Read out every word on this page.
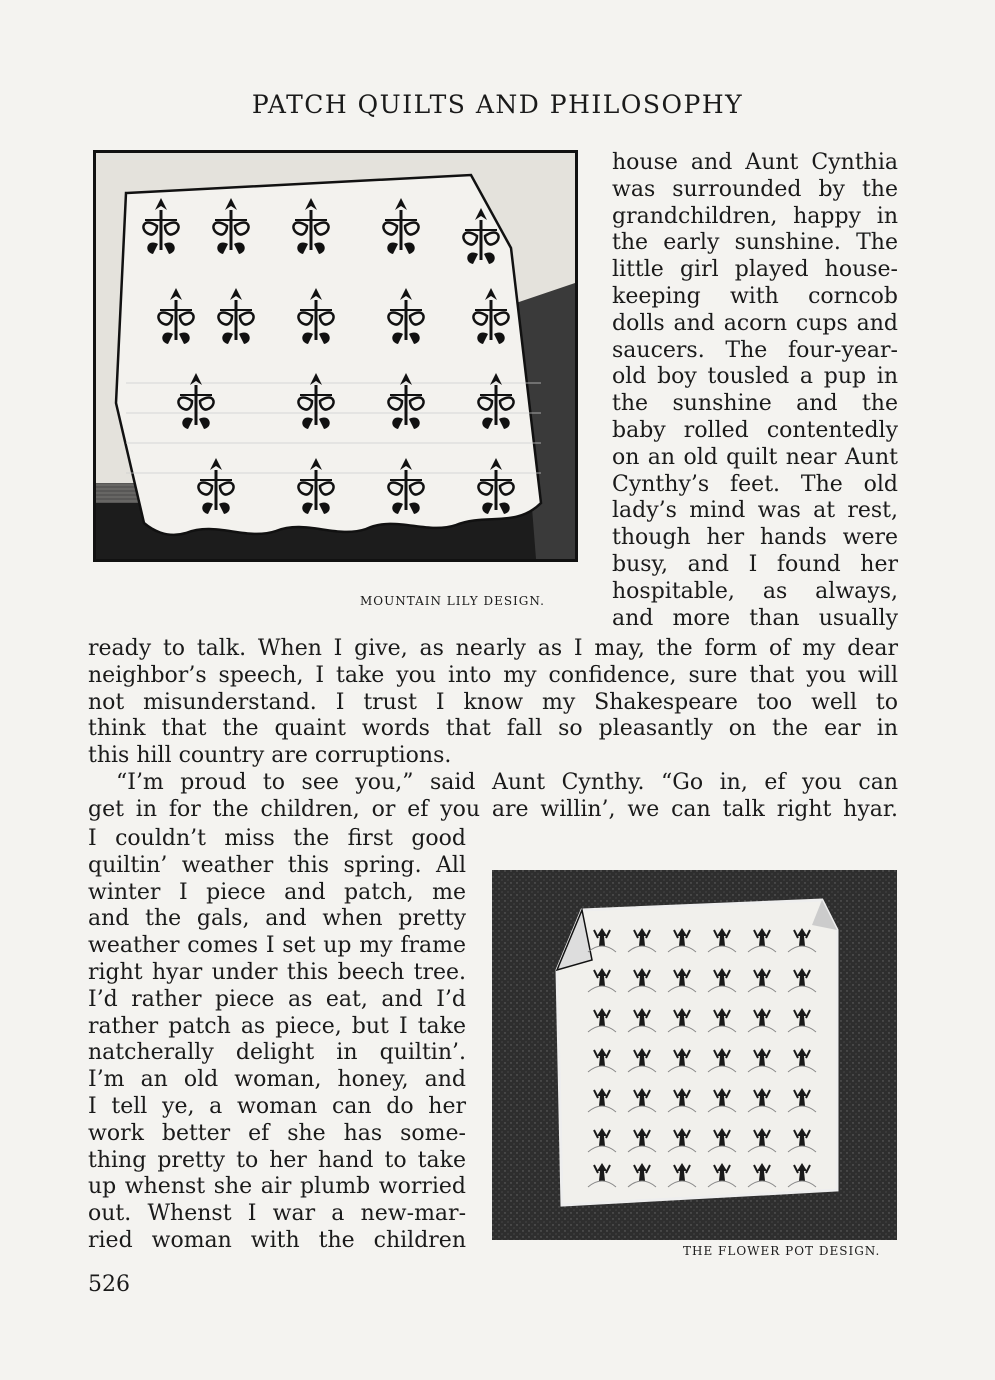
PATCH QUILTS AND PHILOSOPHY
MOUNTAIN LILY DESIGN.

house and Aunt Cynthia

was surrounded by the

grandchildren, happy in

the early sunshine. The

little girl played house-

keeping with corncob

dolls and acorn cups and

saucers. The four-year-

old boy tousled a pup in

the sunshine and the

baby rolled contentedly

on an old quilt near Aunt

Cynthy’s feet. The old

lady’s mind was at rest,

though her hands were

busy, and I found her

hospitable, as always,

and more than usually

ready to talk. When I give, as nearly as I may, the form of my dear

neighbor’s speech, I take you into my confidence, sure that you will

not misunderstand. I trust I know my Shakespeare too well to

think that the quaint words that fall so pleasantly on the ear in

this hill country are corruptions.

“I’m proud to see you,” said Aunt Cynthy. “Go in, ef you can

get in for the children, or ef you are willin’, we can talk right hyar.

I couldn’t miss the first good

quiltin’ weather this spring. All

winter I piece and patch, me

and the gals, and when pretty

weather comes I set up my frame

right hyar under this beech tree.

I’d rather piece as eat, and I’d

rather patch as piece, but I take

natcherally delight in quiltin’.

I’m an old woman, honey, and

I tell ye, a woman can do her

work better ef she has some-

thing pretty to her hand to take

up whenst she air plumb worried

out. Whenst I war a new-mar-

ried woman with the children	THE FLOWER POT DESIGN.
526
